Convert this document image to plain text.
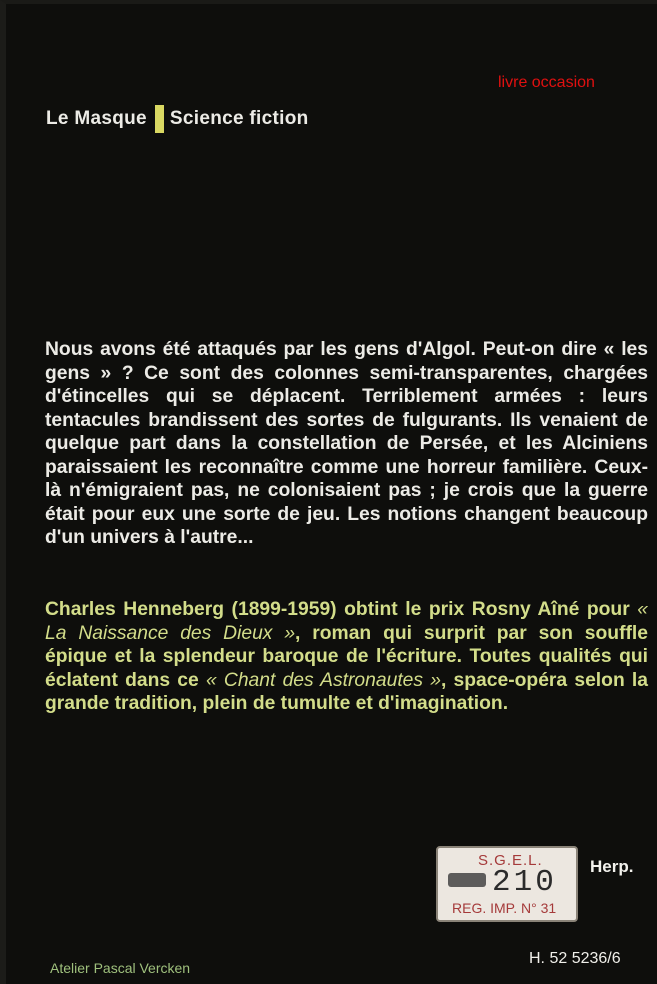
livre occasion
Le Masque Science fiction

Nous avons été attaqués par les gens d'Algol. Peut-on dire « les gens » ? Ce sont des colonnes semi-transparentes, chargées d'étincelles qui se déplacent. Terriblement armées : leurs tentacules brandissent des sortes de fulgurants. Ils venaient de quelque part dans la constellation de Persée, et les Alciniens paraissaient les reconnaître comme une horreur familière. Ceux-là n'émigraient pas, ne colonisaient pas ; je crois que la guerre était pour eux une sorte de jeu. Les notions changent beaucoup d'un univers à l'autre...

Charles Henneberg (1899-1959) obtint le prix Rosny Aîné pour « La Naissance des Dieux », roman qui surprit par son souffle épique et la splendeur baroque de l'écriture. Toutes qualités qui éclatent dans ce « Chant des Astronautes », space-opéra selon la grande tradition, plein de tumulte et d'imagination.

S.G.E.L.
210
REG. IMP. N° 31
Herp.
Atelier Pascal Vercken
H. 52 5236/6
